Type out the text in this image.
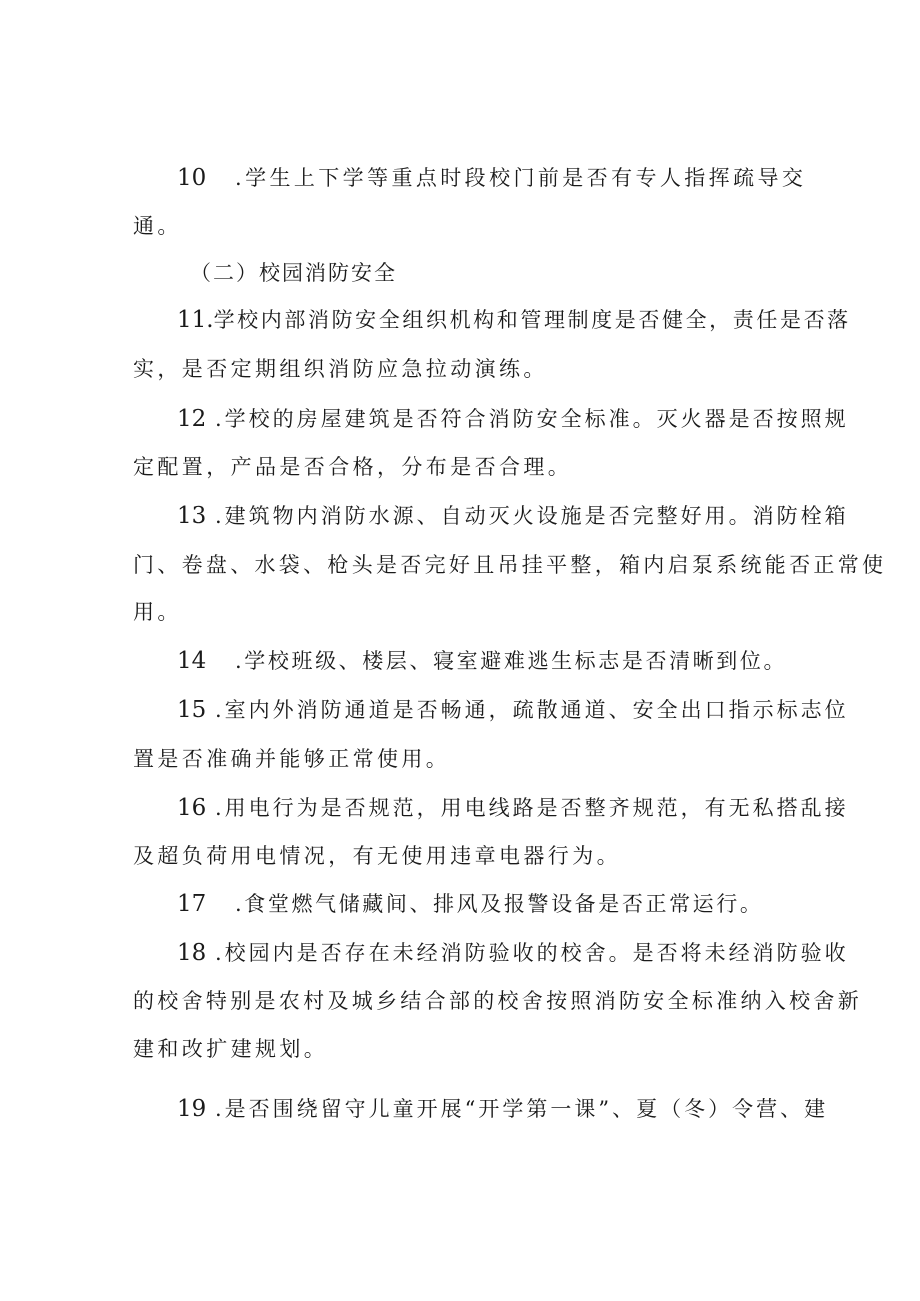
10 .学生上下学等重点时段校门前是否有专人指挥疏导交
通。
（二）校园消防安全
11.学校内部消防安全组织机构和管理制度是否健全，责任是否落
实，是否定期组织消防应急拉动演练。
12 .学校的房屋建筑是否符合消防安全标准。灭火器是否按照规
定配置，产品是否合格，分布是否合理。
13 .建筑物内消防水源、自动灭火设施是否完整好用。消防栓箱
门、卷盘、水袋、枪头是否完好且吊挂平整，箱内启泵系统能否正常使
用。
14 .学校班级、楼层、寝室避难逃生标志是否清晰到位。
15 .室内外消防通道是否畅通，疏散通道、安全出口指示标志位
置是否准确并能够正常使用。
16 .用电行为是否规范，用电线路是否整齐规范，有无私搭乱接
及超负荷用电情况，有无使用违章电器行为。
17 .食堂燃气储藏间、排风及报警设备是否正常运行。
18 .校园内是否存在未经消防验收的校舍。是否将未经消防验收
的校舍特别是农村及城乡结合部的校舍按照消防安全标准纳入校舍新
建和改扩建规划。
19 .是否围绕留守儿童开展“开学第一课”、夏（冬）令营、建
